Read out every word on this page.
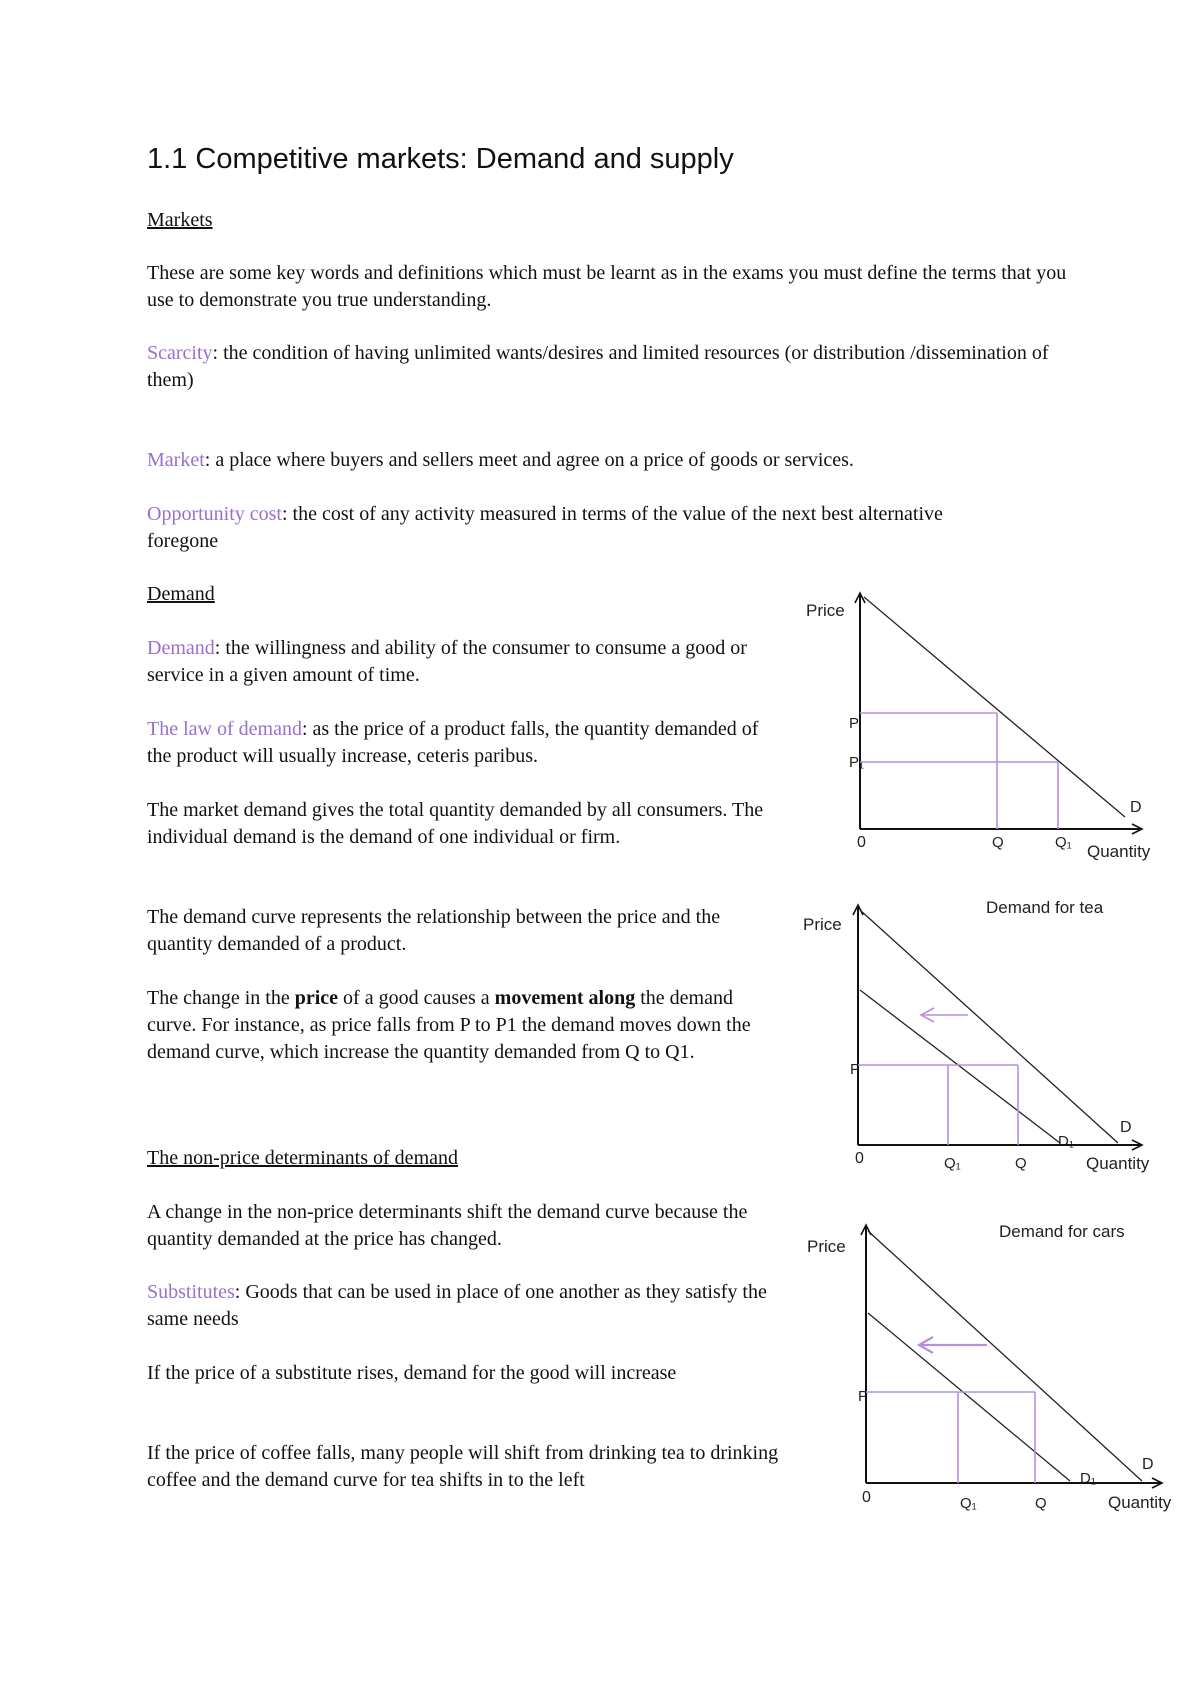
1.1 Competitive markets: Demand and supply

Markets

These are some key words and definitions which must be learnt as in the exams you must define the terms that you use to demonstrate you true understanding.

Scarcity: the condition of having unlimited wants/desires and limited resources (or distribution /dissemination of them)

Market: a place where buyers and sellers meet and agree on a price of goods or services.

Opportunity cost: the cost of any activity measured in terms of the value of the next best alternative foregone

Demand

Demand: the willingness and ability of the consumer to consume a good or service in a given amount of time.

The law of demand: as the price of a product falls, the quantity demanded of the product will usually increase, ceteris paribus.

The market demand gives the total quantity demanded by all consumers. The individual demand is the demand of one individual or firm.

The demand curve represents the relationship between the price and the quantity demanded of a product.

The change in the price of a good causes a movement along the demand curve. For instance, as price falls from P to P1 the demand moves down the demand curve, which increase the quantity demanded from Q to Q1.

The non-price determinants of demand

A change in the non-price determinants shift the demand curve because the quantity demanded at the price has changed.

Substitutes: Goods that can be used in place of one another as they satisfy the same needs

If the price of a substitute rises, demand for the good will increase

If the price of coffee falls, many people will shift from drinking tea to drinking coffee and the demand curve for tea shifts in to the left

Price
Quantity
0
D
P
P₁
Q	Q₁
Demand for tea
Price
Quantity
0
D
D₁
P
Q₁	Q
Demand for cars
Price
Quantity
0
D
D₁
P
Q₁	Q
